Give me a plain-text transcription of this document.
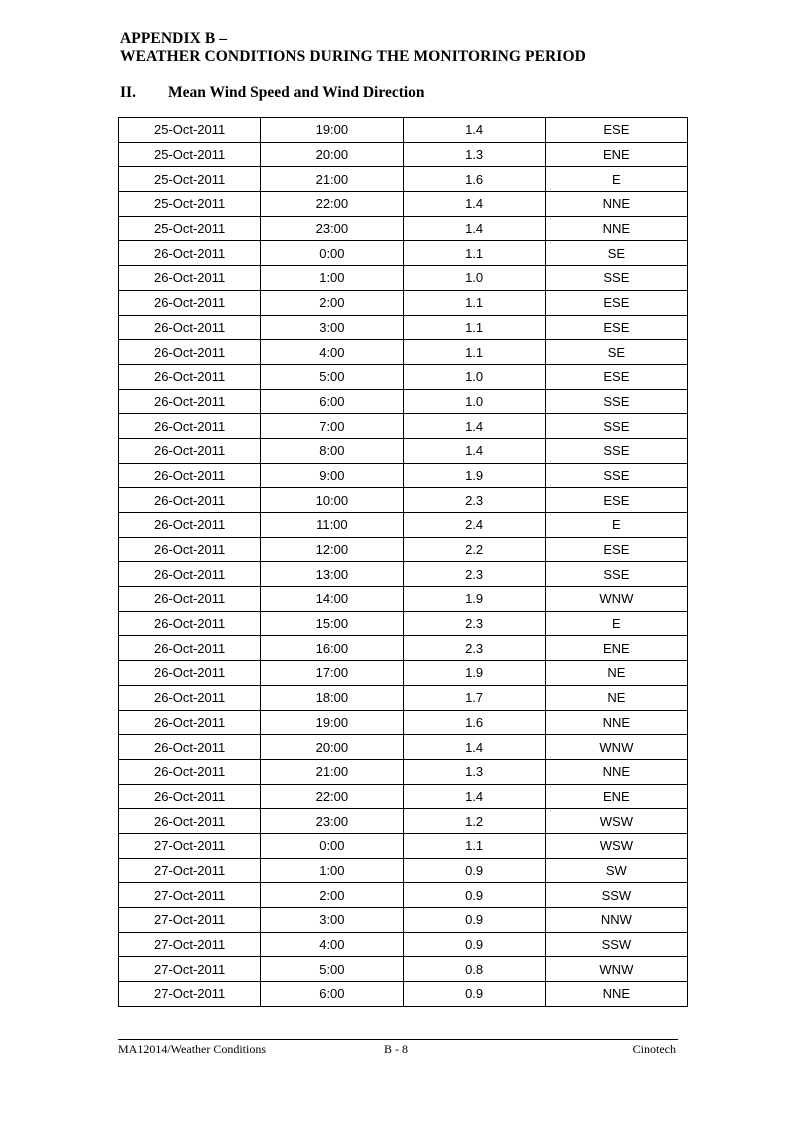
APPENDIX B –
WEATHER CONDITIONS DURING THE MONITORING PERIOD
II. Mean Wind Speed and Wind Direction
25-Oct-2011	19:00	1.4	ESE
25-Oct-2011	20:00	1.3	ENE
25-Oct-2011	21:00	1.6	E
25-Oct-2011	22:00	1.4	NNE
25-Oct-2011	23:00	1.4	NNE
26-Oct-2011	0:00	1.1	SE
26-Oct-2011	1:00	1.0	SSE
26-Oct-2011	2:00	1.1	ESE
26-Oct-2011	3:00	1.1	ESE
26-Oct-2011	4:00	1.1	SE
26-Oct-2011	5:00	1.0	ESE
26-Oct-2011	6:00	1.0	SSE
26-Oct-2011	7:00	1.4	SSE
26-Oct-2011	8:00	1.4	SSE
26-Oct-2011	9:00	1.9	SSE
26-Oct-2011	10:00	2.3	ESE
26-Oct-2011	11:00	2.4	E
26-Oct-2011	12:00	2.2	ESE
26-Oct-2011	13:00	2.3	SSE
26-Oct-2011	14:00	1.9	WNW
26-Oct-2011	15:00	2.3	E
26-Oct-2011	16:00	2.3	ENE
26-Oct-2011	17:00	1.9	NE
26-Oct-2011	18:00	1.7	NE
26-Oct-2011	19:00	1.6	NNE
26-Oct-2011	20:00	1.4	WNW
26-Oct-2011	21:00	1.3	NNE
26-Oct-2011	22:00	1.4	ENE
26-Oct-2011	23:00	1.2	WSW
27-Oct-2011	0:00	1.1	WSW
27-Oct-2011	1:00	0.9	SW
27-Oct-2011	2:00	0.9	SSW
27-Oct-2011	3:00	0.9	NNW
27-Oct-2011	4:00	0.9	SSW
27-Oct-2011	5:00	0.8	WNW
27-Oct-2011	6:00	0.9	NNE
MA12014/Weather Conditions	B - 8	Cinotech
